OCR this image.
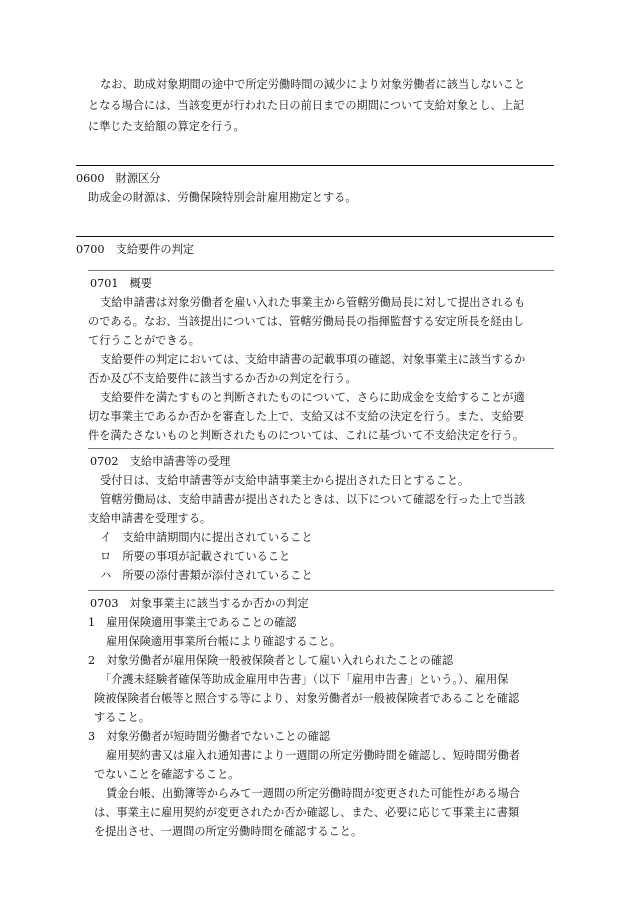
なお、助成対象期間の途中で所定労働時間の減少により対象労働者に該当しないこと
となる場合には、当該変更が行われた日の前日までの期間について支給対象とし、上記
に準じた支給額の算定を行う。
0600　財源区分
助成金の財源は、労働保険特別会計雇用勘定とする。
0700　支給要件の判定
0701　概要
支給申請書は対象労働者を雇い入れた事業主から管轄労働局長に対して提出されるも
のである。なお、当該提出については、管轄労働局長の指揮監督する安定所長を経由し
て行うことができる。
支給要件の判定においては、支給申請書の記載事項の確認、対象事業主に該当するか
否か及び不支給要件に該当するか否かの判定を行う。
支給要件を満たすものと判断されたものについて、さらに助成金を支給することが適
切な事業主であるか否かを審査した上で、支給又は不支給の決定を行う。また、支給要
件を満たさないものと判断されたものについては、これに基づいて不支給決定を行う。
0702　支給申請書等の受理
受付日は、支給申請書等が支給申請事業主から提出された日とすること。
管轄労働局は、支給申請書が提出されたときは、以下について確認を行った上で当該
支給申請書を受理する。
イ　支給申請期間内に提出されていること
ロ　所要の事項が記載されていること
ハ　所要の添付書類が添付されていること
0703　対象事業主に該当するか否かの判定
1　雇用保険適用事業主であることの確認
雇用保険適用事業所台帳により確認すること。
2　対象労働者が雇用保険一般被保険者として雇い入れられたことの確認
「介護未経験者確保等助成金雇用申告書」（以下「雇用申告書」という。）、雇用保
険被保険者台帳等と照合する等により、対象労働者が一般被保険者であることを確認
すること。
3　対象労働者が短時間労働者でないことの確認
雇用契約書又は雇入れ通知書により一週間の所定労働時間を確認し、短時間労働者
でないことを確認すること。
賃金台帳、出勤簿等からみて一週間の所定労働時間が変更された可能性がある場合
は、事業主に雇用契約が変更されたか否か確認し、また、必要に応じて事業主に書類
を提出させ、一週間の所定労働時間を確認すること。
